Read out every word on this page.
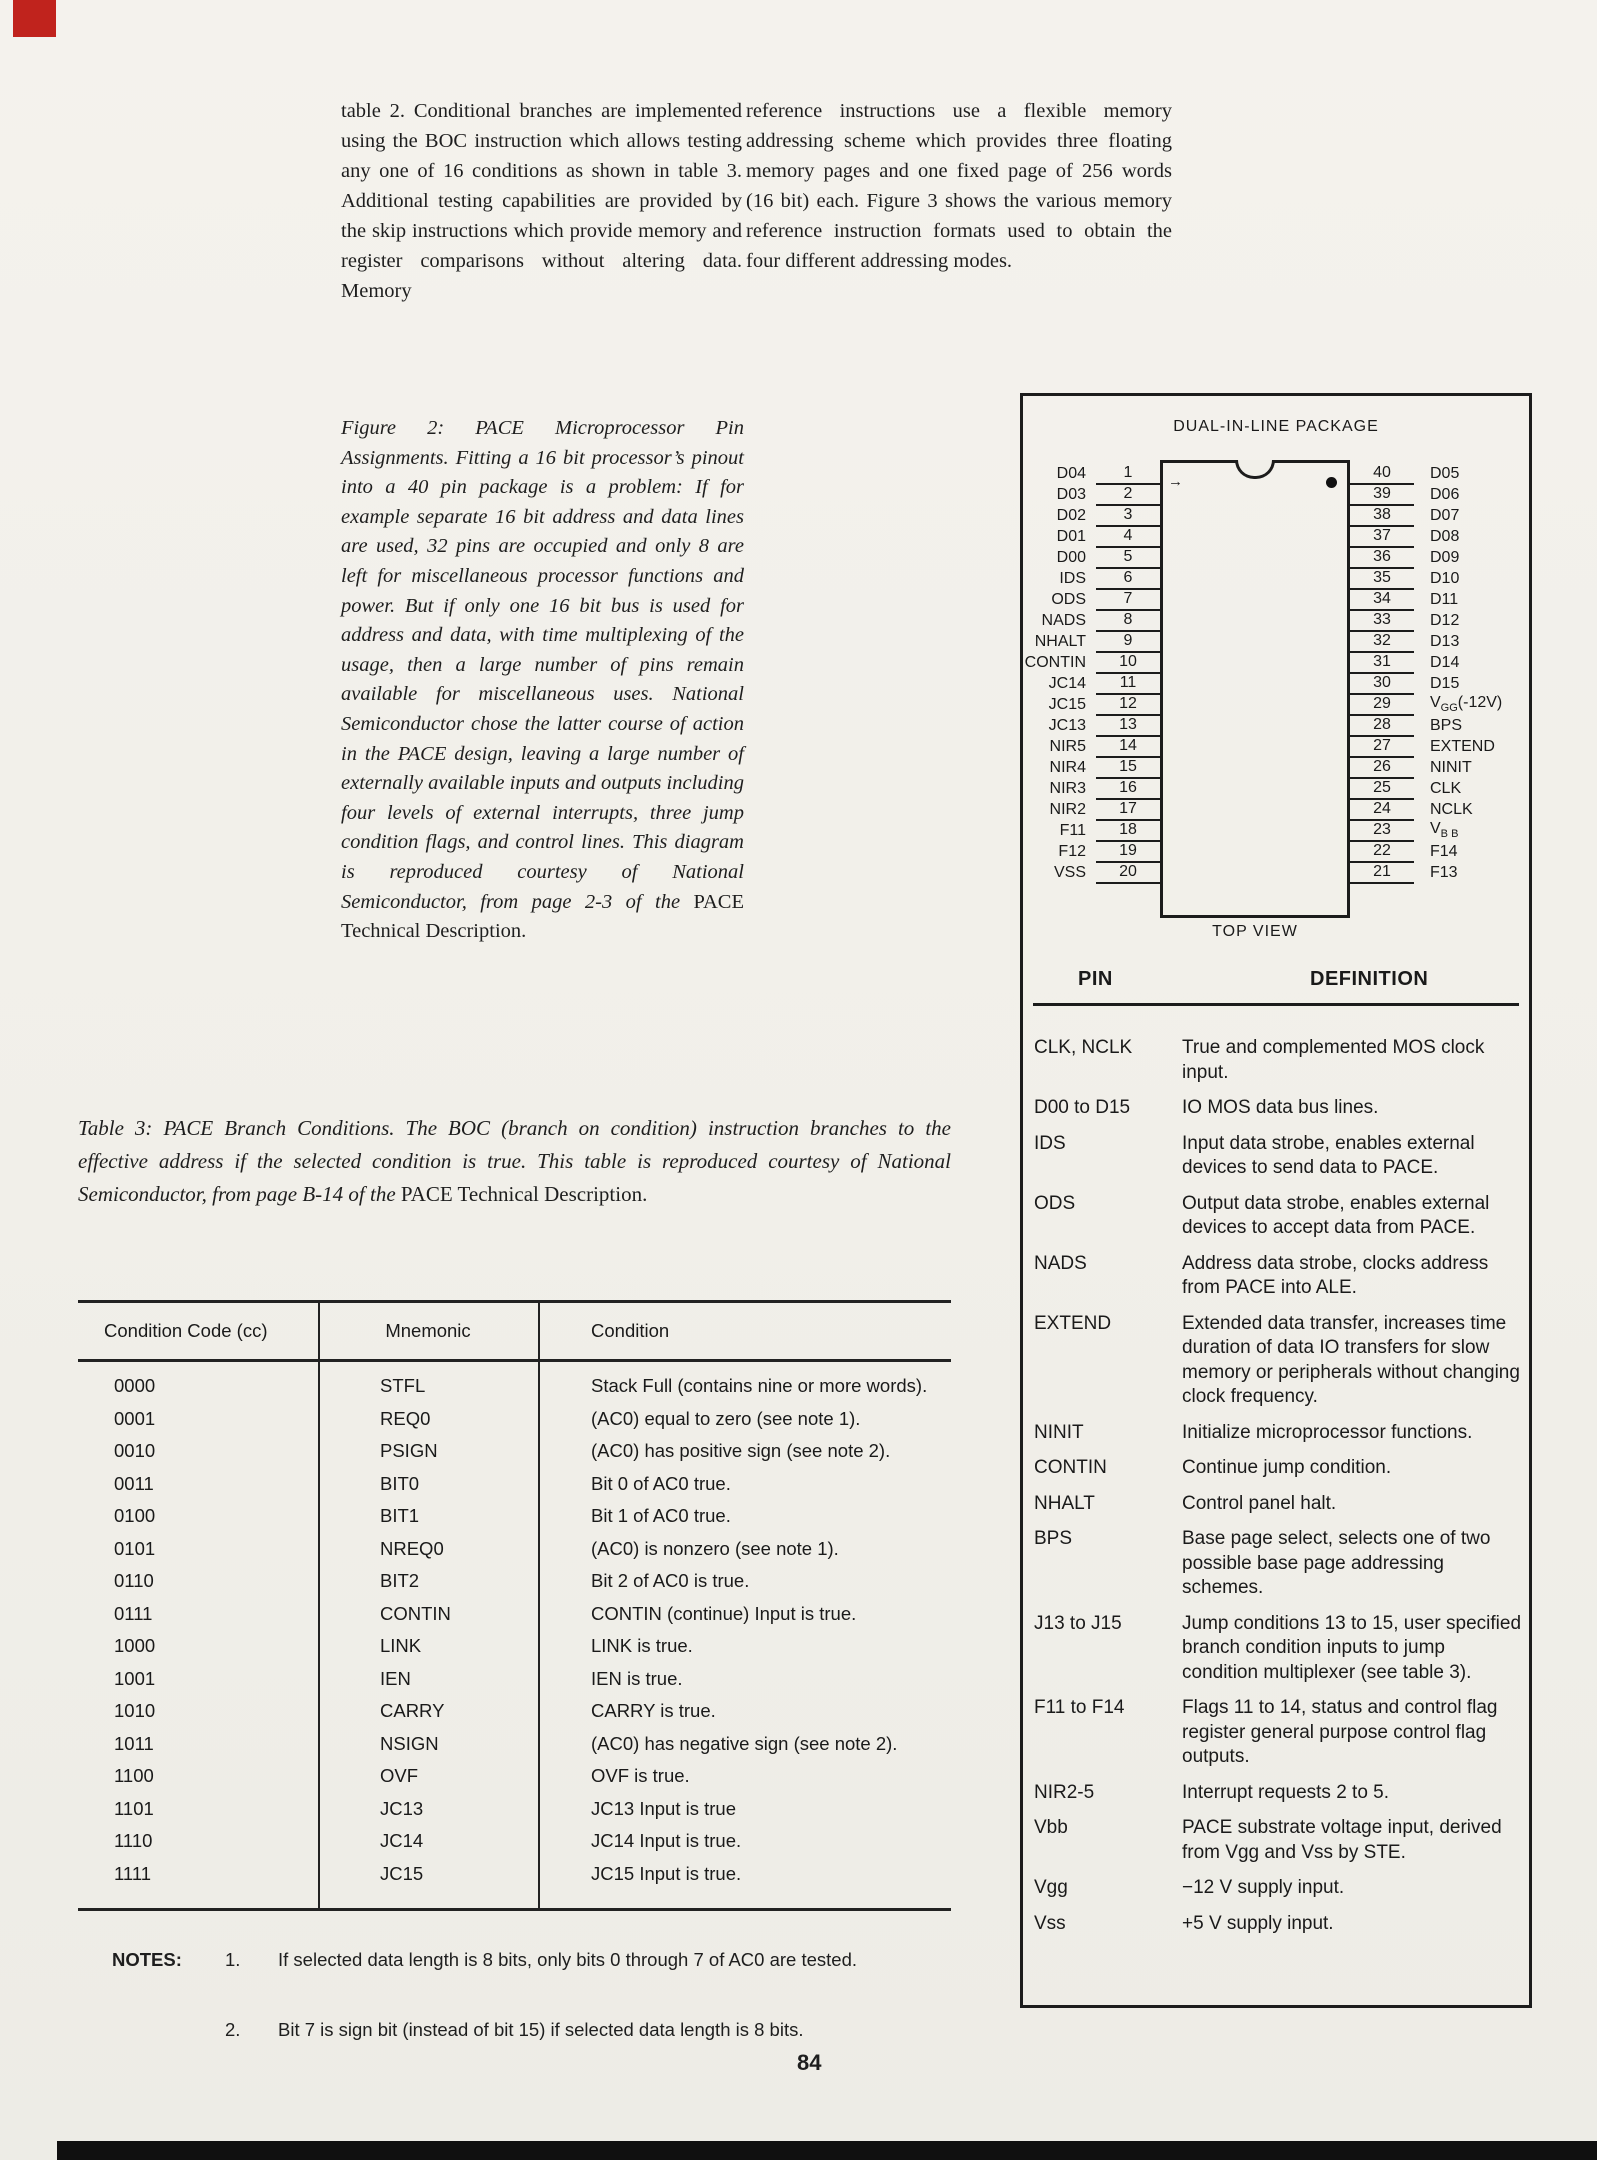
table 2. Conditional branches are implemented using the BOC instruction which allows testing any one of 16 conditions as shown in table 3. Additional testing capabilities are provided by the skip instructions which provide memory and register comparisons without altering data. Memory

reference instructions use a flexible memory addressing scheme which provides three floating memory pages and one fixed page of 256 words (16 bit) each. Figure 3 shows the various memory reference instruction formats used to obtain the four different addressing modes.

Figure 2: PACE Microprocessor Pin Assignments. Fitting a 16 bit processor’s pinout into a 40 pin package is a problem: If for example separate 16 bit address and data lines are used, 32 pins are occupied and only 8 are left for miscellaneous processor functions and power. But if only one 16 bit bus is used for address and data, with time multiplexing of the usage, then a large number of pins remain available for miscellaneous uses. National Semiconductor chose the latter course of action in the PACE design, leaving a large number of externally available inputs and outputs including four levels of external interrupts, three jump condition flags, and control lines. This diagram is reproduced courtesy of National Semiconductor, from page 2-3 of the PACE Technical Description.

DUAL-IN-LINE PACKAGE
→
D04	1
D03	2
D02	3
D01	4
D00	5
IDS	6
ODS	7
NADS	8
NHALT	9
CONTIN	10
JC14	11
JC15	12
JC13	13
NIR5	14
NIR4	15
NIR3	16
NIR2	17
F11	18
F12	19
VSS	20
40	D05
39	D06
38	D07
37	D08
36	D09
35	D10
34	D11
33	D12
32	D13
31	D14
30	D15
29	$V_{GG}(-12V)$
28	BPS
27	EXTEND
26	NINIT
25	CLK
24	NCLK
23	$V_{B B}$
22	F14
21	F13
TOP VIEW
PIN	DEFINITION
CLK, NCLK	True and complemented MOS clock input.
D00 to D15	IO MOS data bus lines.
IDS	Input data strobe, enables external devices to send data to PACE.
ODS	Output data strobe, enables external devices to accept data from PACE.
NADS	Address data strobe, clocks address from PACE into ALE.
EXTEND	Extended data transfer, increases time duration of data IO transfers for slow memory or peripherals without changing clock frequency.
NINIT	Initialize microprocessor functions.
CONTIN	Continue jump condition.
NHALT	Control panel halt.
BPS	Base page select, selects one of two possible base page addressing schemes.
J13 to J15	Jump conditions 13 to 15, user specified branch condition inputs to jump condition multiplexer (see table 3).
F11 to F14	Flags 11 to 14, status and control flag register general purpose control flag outputs.
NIR2-5	Interrupt requests 2 to 5.
Vbb	PACE substrate voltage input, derived from Vgg and Vss by STE.
Vgg	−12 V supply input.
Vss	+5 V supply input.

Table 3: PACE Branch Conditions. The BOC (branch on condition) instruction branches to the effective address if the selected condition is true. This table is reproduced courtesy of National Semiconductor, from page B-14 of the PACE Technical Description.

Condition Code (cc)	Mnemonic	Condition
0000	STFL	Stack Full (contains nine or more words).
0001	REQ0	(AC0) equal to zero (see note 1).
0010	PSIGN	(AC0) has positive sign (see note 2).
0011	BIT0	Bit 0 of AC0 true.
0100	BIT1	Bit 1 of AC0 true.
0101	NREQ0	(AC0) is nonzero (see note 1).
0110	BIT2	Bit 2 of AC0 is true.
0111	CONTIN	CONTIN (continue) Input is true.
1000	LINK	LINK is true.
1001	IEN	IEN is true.
1010	CARRY	CARRY is true.
1011	NSIGN	(AC0) has negative sign (see note 2).
1100	OVF	OVF is true.
1101	JC13	JC13 Input is true
1110	JC14	JC14 Input is true.
1111	JC15	JC15 Input is true.
NOTES:	1.	If selected data length is 8 bits, only bits 0 through 7 of AC0 are tested.
2.	Bit 7 is sign bit (instead of bit 15) if selected data length is 8 bits.
84
